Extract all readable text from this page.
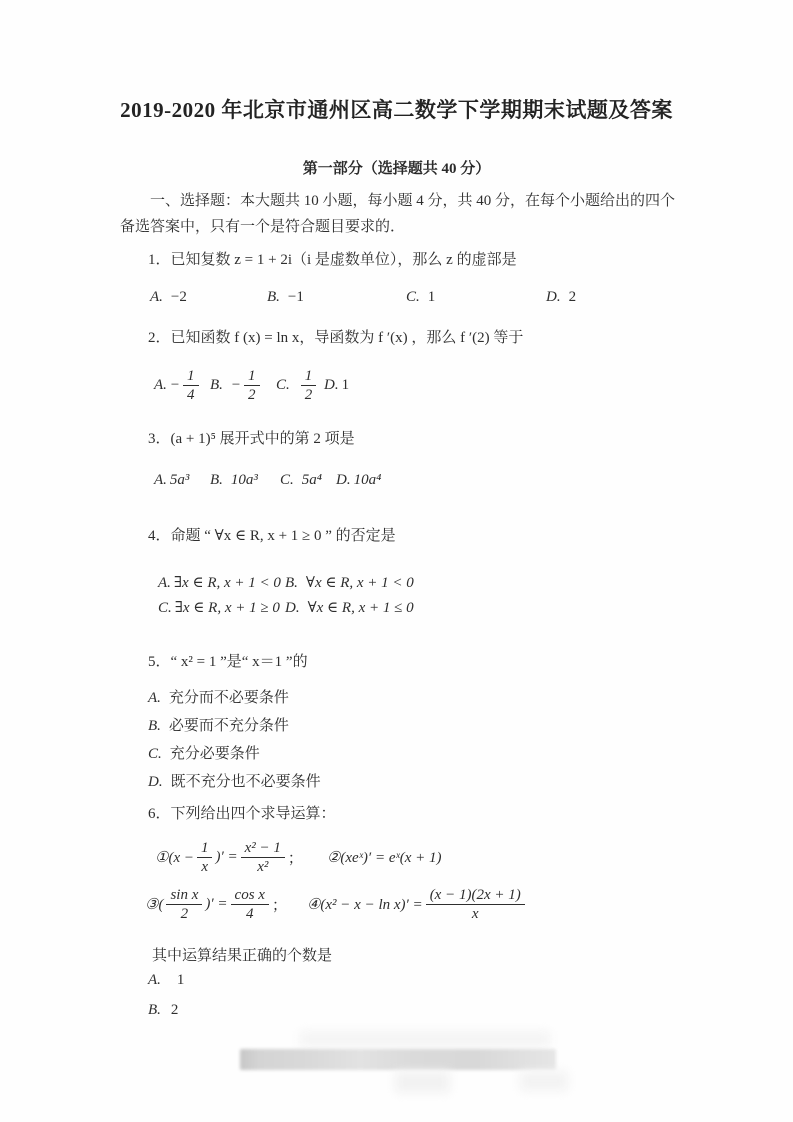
2019-2020 年北京市通州区高二数学下学期期末试题及答案
第一部分（选择题共 40 分）

一、选择题：本大题共 10 小题，每小题 4 分，共 40 分，在每个小题给出的四个备选答案中，只有一个是符合题目要求的．

1．已知复数 z = 1 + 2i（i 是虚数单位），那么 z 的虚部是
A. −2	B. −1	C. 1	D. 2
2．已知函数 f (x) = ln x，导函数为 f ′(x) ，那么 f ′(2) 等于
A. − $\frac{1}{4} B$. − $\frac{1}{2} C$. $\frac{1}{2} D$. 1
3．(a + 1)⁵ 展开式中的第 2 项是
A. 5a³ B. 10a³ C. 5a⁴ D. 10a⁴
4．命题 “ ∀x ∈ R, x + 1 ≥ 0 ” 的否定是
A. ∃x ∈ R, x + 1 < 0 B. ∀x ∈ R, x + 1 < 0
C. ∃x ∈ R, x + 1 ≥ 0 D. ∀x ∈ R, x + 1 ≤ 0
5．“ x² = 1 ”是“ x＝1 ”的
A. 充分而不必要条件
B. 必要而不充分条件
C. 充分必要条件
D. 既不充分也不必要条件
6．下列给出四个求导运算：
①(x − $\frac{1}{x}$ )′ = $\frac{\text{x² − 1}}{\text{x²}}$ ； ②(xeˣ)′ = eˣ(x + 1)
③( $\frac{\text{sin x}}{2}$ )′ = $\frac{\text{cos x}}{4}$ ； ④(x² − $x - \ln x)' = \frac{(x - 1)(2x + 1)}{x}$
其中运算结果正确的个数是
A. 1
B. 2
